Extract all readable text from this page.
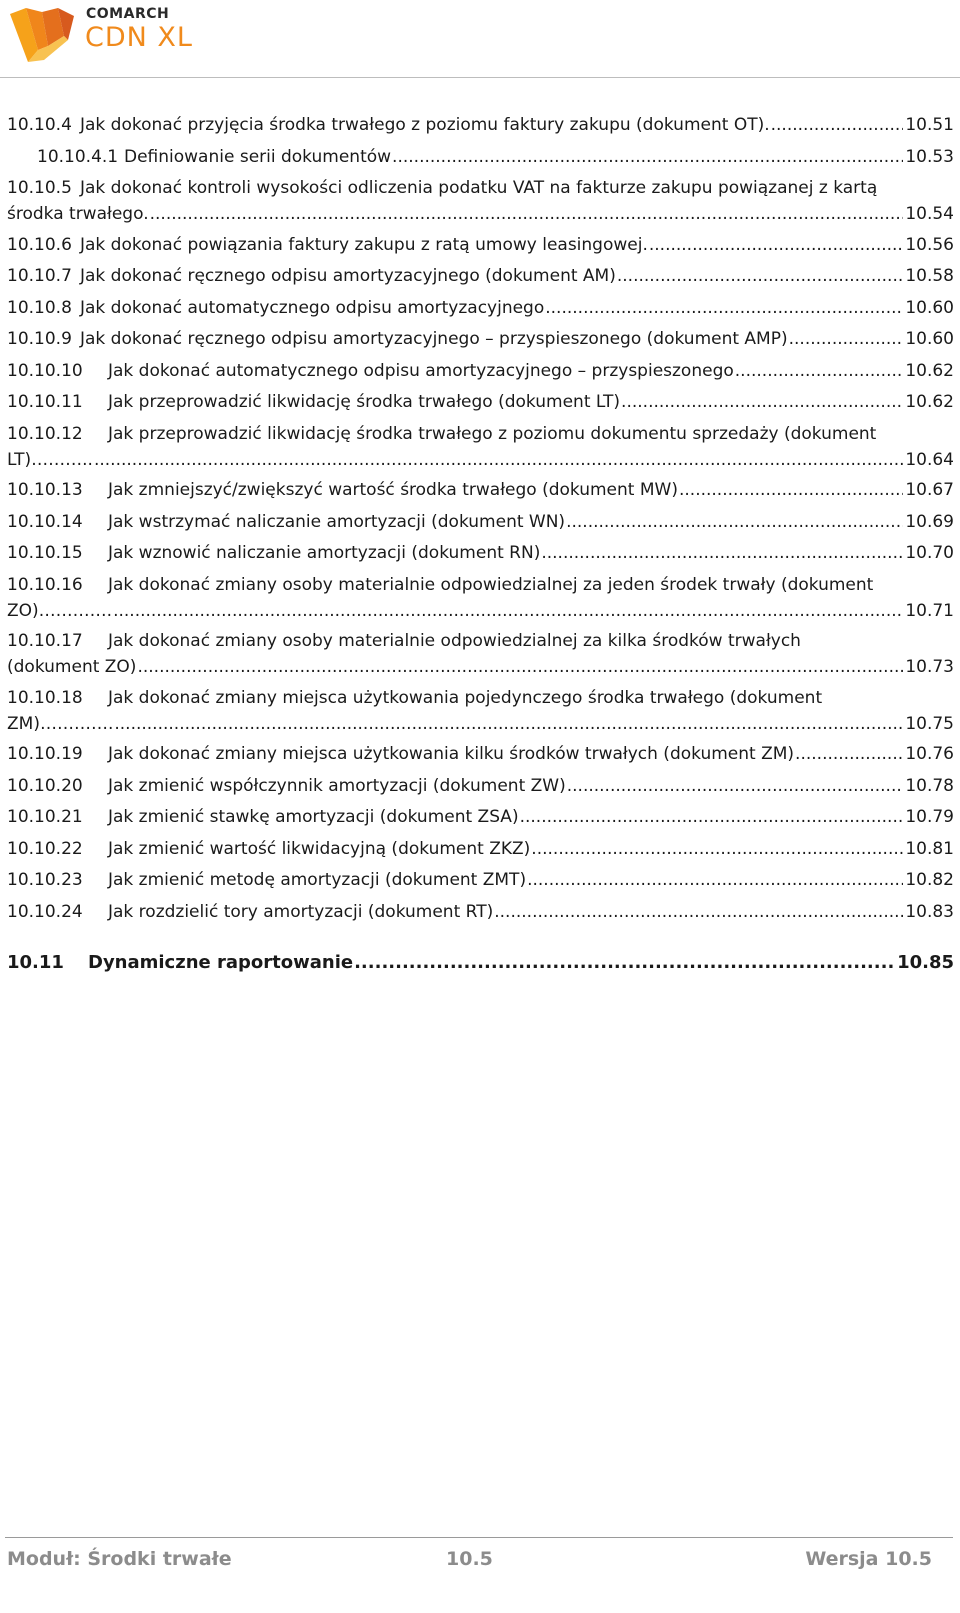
COMARCH
CDN XL
10.10.4 Jak dokonać przyjęcia środka trwałego z poziomu faktury zakupu (dokument OT). .....	10.51
10.10.4.1 Definiowanie serii dokumentów .....	10.53
10.10.5 Jak dokonać kontroli wysokości odliczenia podatku VAT na fakturze zakupu powiązanej z kartą
środka trwałego. .....	10.54
10.10.6 Jak dokonać powiązania faktury zakupu z ratą umowy leasingowej. .....	10.56
10.10.7 Jak dokonać ręcznego odpisu amortyzacyjnego (dokument AM) .....	10.58
10.10.8 Jak dokonać automatycznego odpisu amortyzacyjnego .....	10.60
10.10.9 Jak dokonać ręcznego odpisu amortyzacyjnego – przyspieszonego (dokument AMP) .....	10.60
10.10.10	Jak dokonać automatycznego odpisu amortyzacyjnego – przyspieszonego .....	10.62
10.10.11	Jak przeprowadzić likwidację środka trwałego (dokument LT) .....	10.62
10.10.12 Jak przeprowadzić likwidację środka trwałego z poziomu dokumentu sprzedaży (dokument
LT)……….. .....	10.64
10.10.13	Jak zmniejszyć/zwiększyć wartość środka trwałego (dokument MW) .....	10.67
10.10.14	Jak wstrzymać naliczanie amortyzacji (dokument WN) .....	10.69
10.10.15	Jak wznowić naliczanie amortyzacji (dokument RN) .....	10.70
10.10.16 Jak dokonać zmiany osoby materialnie odpowiedzialnej za jeden środek trwały (dokument
ZO)…………. .....	10.71
10.10.17 Jak dokonać zmiany osoby materialnie odpowiedzialnej za kilka środków trwałych
(dokument ZO) .....	10.73
10.10.18 Jak dokonać zmiany miejsca użytkowania pojedynczego środka trwałego (dokument
ZM)…………. .....	10.75
10.10.19	Jak dokonać zmiany miejsca użytkowania kilku środków trwałych (dokument ZM) .....	10.76
10.10.20	Jak zmienić współczynnik amortyzacji (dokument ZW) .....	10.78
10.10.21	Jak zmienić stawkę amortyzacji (dokument ZSA) .....	10.79
10.10.22	Jak zmienić wartość likwidacyjną (dokument ZKZ) .....	10.81
10.10.23	Jak zmienić metodę amortyzacji (dokument ZMT) .....	10.82
10.10.24	Jak rozdzielić tory amortyzacji (dokument RT) .....	10.83
10.11	Dynamiczne raportowanie .....	10.85
Moduł: Środki trwałe	10.5	Wersja 10.5
